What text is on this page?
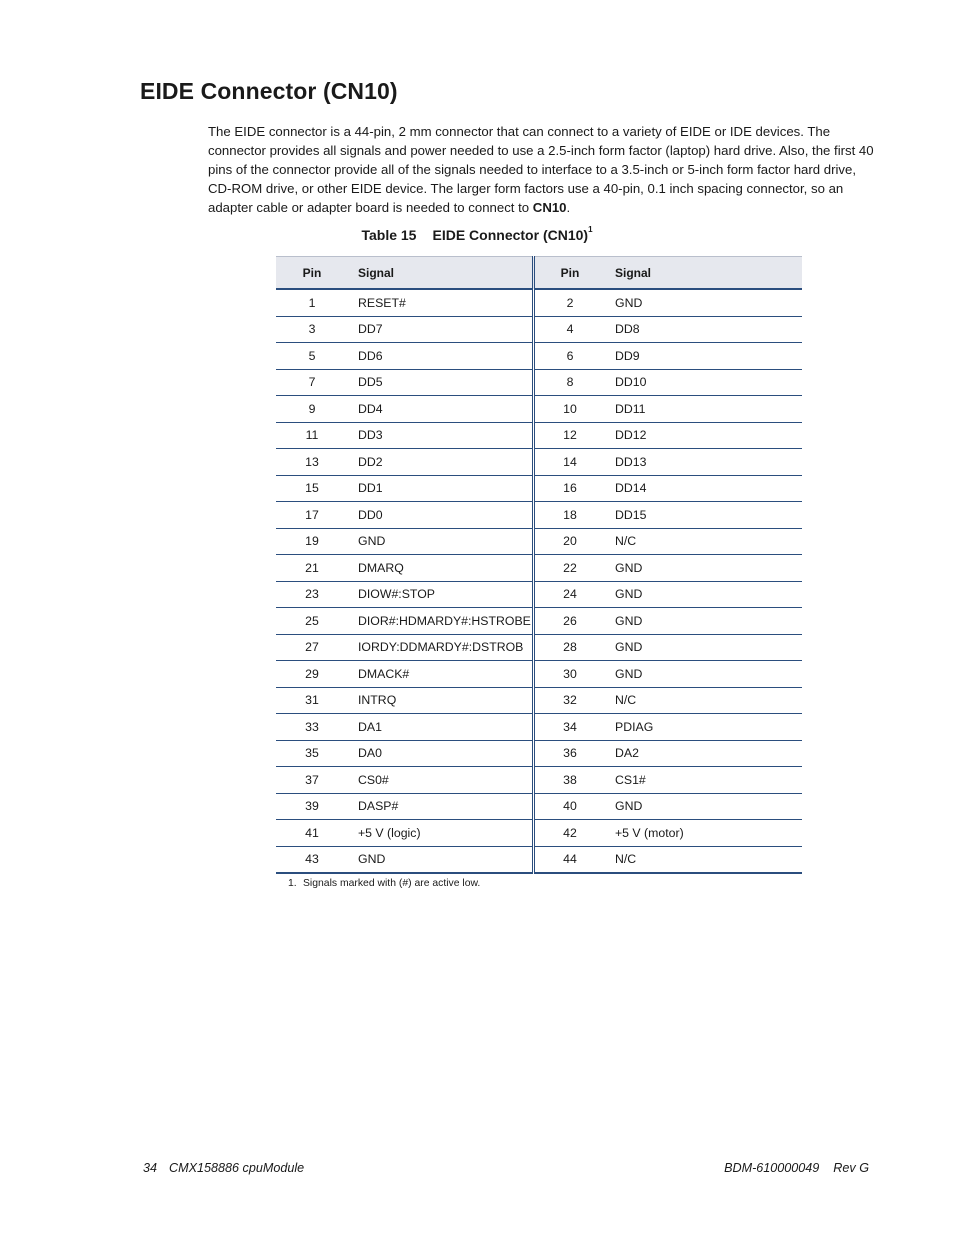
EIDE Connector (CN10)

The EIDE connector is a 44-pin, 2 mm connector that can connect to a variety of EIDE or IDE devices. The connector provides all signals and power needed to use a 2.5-inch form factor (laptop) hard drive. Also, the first 40 pins of the connector provide all of the signals needed to interface to a 3.5-inch or 5-inch form factor hard drive, CD-ROM drive, or other EIDE device. The larger form factors use a 40-pin, 0.1 inch spacing connector, so an adapter cable or adapter board is needed to connect to CN10.

Table 15 EIDE Connector $(CN10)^1$
Pin	Signal	Pin	Signal
1	RESET#	2	GND
3	DD7	4	DD8
5	DD6	6	DD9
7	DD5	8	DD10
9	DD4	10	DD11
11	DD3	12	DD12
13	DD2	14	DD13
15	DD1	16	DD14
17	DD0	18	DD15
19	GND	20	N/C
21	DMARQ	22	GND
23	DIOW#:STOP	24	GND
25	DIOR#:HDMARDY#:HSTROBE	26	GND
27	IORDY:DDMARDY#:DSTROB	28	GND
29	DMACK#	30	GND
31	INTRQ	32	N/C
33	DA1	34	PDIAG
35	DA0	36	DA2
37	CS0#	38	CS1#
39	DASP#	40	GND
41	+5 V (logic)	42	+5 V (motor)
43	GND	44	N/C
1. Signals marked with (#) are active low.
34 CMX158886 cpuModule	BDM-610000049 Rev G
